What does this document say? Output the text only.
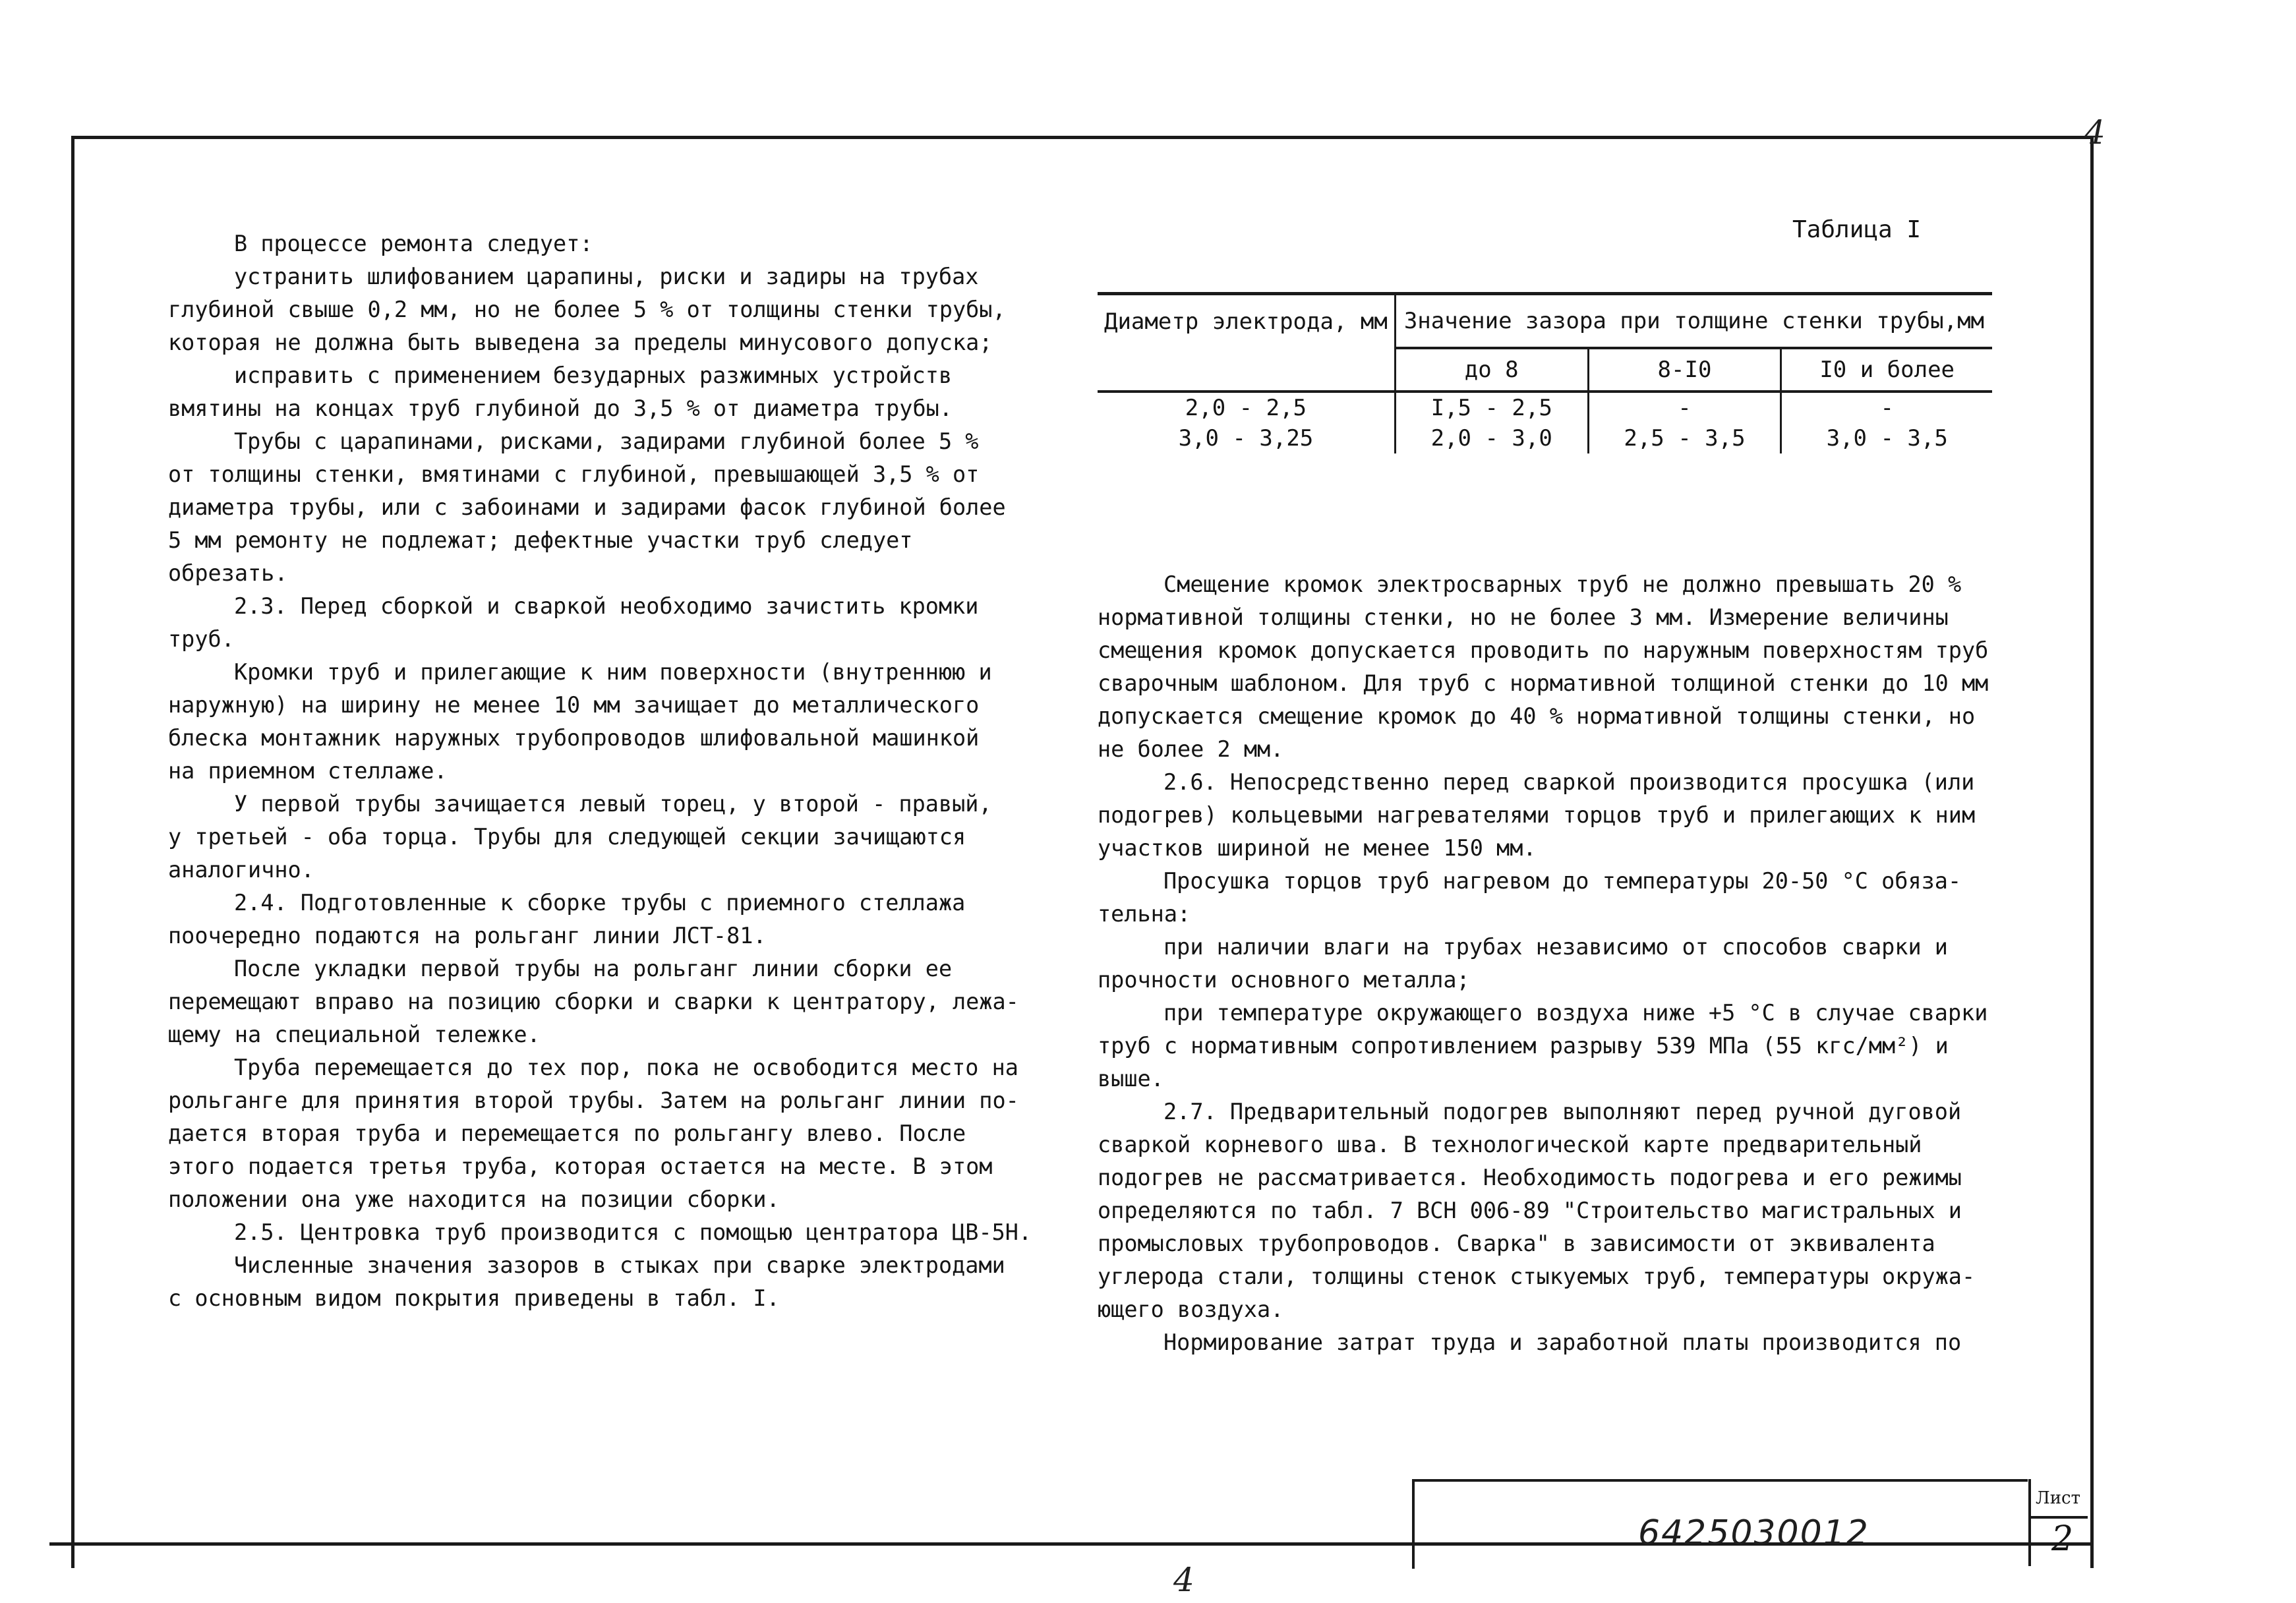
4

В процессе ремонта следует:

устранить шлифованием царапины, риски и задиры на трубах

глубиной свыше 0,2 мм, но не более 5 % от толщины стенки трубы,

которая не должна быть выведена за пределы минусового допуска;

исправить с применением безударных разжимных устройств

вмятины на концах труб глубиной до 3,5 % от диаметра трубы.

Трубы с царапинами, рисками, задирами глубиной более 5 %

от толщины стенки, вмятинами с глубиной, превышающей 3,5 % от

диаметра трубы, или с забоинами и задирами фасок глубиной более

5 мм ремонту не подлежат; дефектные участки труб следует

обрезать.

2.3. Перед сборкой и сваркой необходимо зачистить кромки

труб.

Кромки труб и прилегающие к ним поверхности (внутреннюю и

наружную) на ширину не менее 10 мм зачищает до металлического

блеска монтажник наружных трубопроводов шлифовальной машинкой

на приемном стеллаже.

У первой трубы зачищается левый торец, у второй - правый,

у третьей - оба торца. Трубы для следующей секции зачищаются

аналогично.

2.4. Подготовленные к сборке трубы с приемного стеллажа

поочередно подаются на рольганг линии ЛСТ-81.

После укладки первой трубы на рольганг линии сборки ее

перемещают вправо на позицию сборки и сварки к центратору, лежа-

щему на специальной тележке.

Труба перемещается до тех пор, пока не освободится место на

рольганге для принятия второй трубы. Затем на рольганг линии по-

дается вторая труба и перемещается по рольгангу влево. После

этого подается третья труба, которая остается на месте. В этом

положении она уже находится на позиции сборки.

2.5. Центровка труб производится с помощью центратора ЦВ-5Н.

Численные значения зазоров в стыках при сварке электродами

с основным видом покрытия приведены в табл. I.

Таблица I
Диаметр электрода, мм	Значение зазора при толщине стенки трубы,мм		
	до 8	8-I0	I0 и более
2,0 - 2,5	I,5 - 2,5	-	-
3,0 - 3,25	2,0 - 3,0	2,5 - 3,5	3,0 - 3,5

Смещение кромок электросварных труб не должно превышать 20 %

нормативной толщины стенки, но не более 3 мм. Измерение величины

смещения кромок допускается проводить по наружным поверхностям труб

сварочным шаблоном. Для труб с нормативной толщиной стенки до 10 мм

допускается смещение кромок до 40 % нормативной толщины стенки, но

не более 2 мм.

2.6. Непосредственно перед сваркой производится просушка (или

подогрев) кольцевыми нагревателями торцов труб и прилегающих к ним

участков шириной не менее 150 мм.

Просушка торцов труб нагревом до температуры 20-50 °С обяза-

тельна:

при наличии влаги на трубах независимо от способов сварки и

прочности основного металла;

при температуре окружающего воздуха ниже +5 °С в случае сварки

труб с нормативным сопротивлением разрыву 539 МПа (55 кгс/мм²) и

выше.

2.7. Предварительный подогрев выполняют перед ручной дуговой

сваркой корневого шва. В технологической карте предварительный

подогрев не рассматривается. Необходимость подогрева и его режимы

определяются по табл. 7 ВСН 006-89 "Строительство магистральных и

промысловых трубопроводов. Сварка" в зависимости от эквивалента

углерода стали, толщины стенок стыкуемых труб, температуры окружа-

ющего воздуха.

Нормирование затрат труда и заработной платы производится по

6425030012
Лист
2
4
